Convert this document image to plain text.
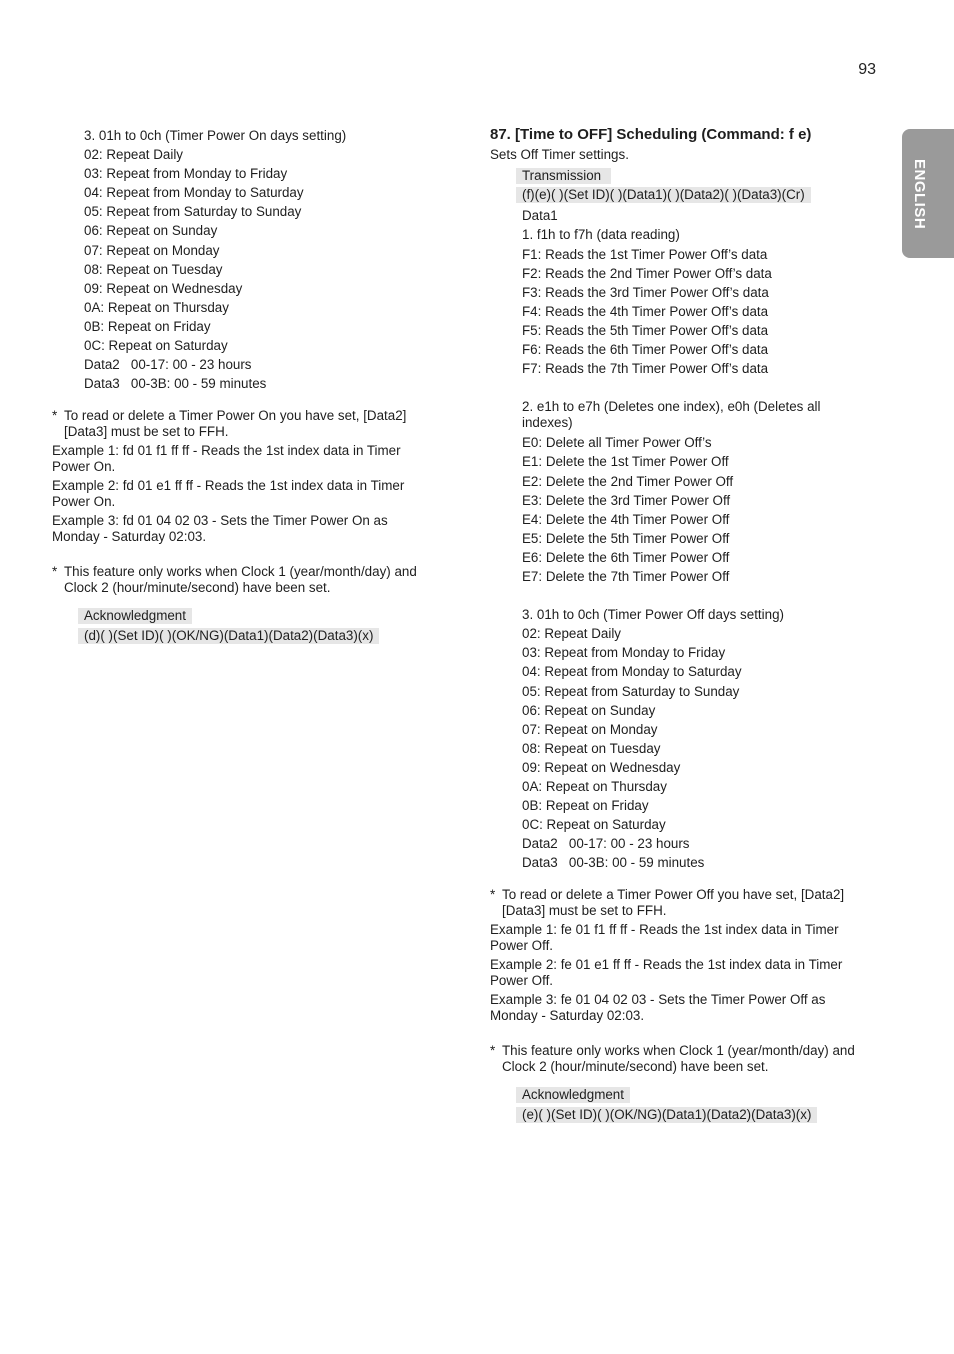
93
ENGLISH
3. 01h to 0ch (Timer Power On days setting)
02: Repeat Daily
03: Repeat from Monday to Friday
04: Repeat from Monday to Saturday
05: Repeat from Saturday to Sunday
06: Repeat on Sunday
07: Repeat on Monday
08: Repeat on Tuesday
09: Repeat on Wednesday
0A: Repeat on Thursday
0B: Repeat on Friday
0C: Repeat on Saturday
Data2   00-17: 00 - 23 hours
Data3   00-3B: 00 - 59 minutes
* To read or delete a Timer Power On you have set, [Data2] [Data3] must be set to FFH.
Example 1: fd 01 f1 ff ff - Reads the 1st index data in Timer Power On.
Example 2: fd 01 e1 ff ff - Reads the 1st index data in Timer Power On.
Example 3: fd 01 04 02 03 - Sets the Timer Power On as Monday - Saturday 02:03.
* This feature only works when Clock 1 (year/month/day) and Clock 2 (hour/minute/second) have been set.
Acknowledgment
(d)( )(Set ID)( )(OK/NG)(Data1)(Data2)(Data3)(x)
87. [Time to OFF] Scheduling (Command: f e)
Sets Off Timer settings.
Transmission
(f)(e)( )(Set ID)( )(Data1)( )(Data2)( )(Data3)(Cr)
Data1
1. f1h to f7h (data reading)
F1: Reads the 1st Timer Power Off’s data
F2: Reads the 2nd Timer Power Off’s data
F3: Reads the 3rd Timer Power Off’s data
F4: Reads the 4th Timer Power Off’s data
F5: Reads the 5th Timer Power Off’s data
F6: Reads the 6th Timer Power Off’s data
F7: Reads the 7th Timer Power Off’s data
2. e1h to e7h (Deletes one index), e0h (Deletes all indexes)
E0: Delete all Timer Power Off’s
E1: Delete the 1st Timer Power Off
E2: Delete the 2nd Timer Power Off
E3: Delete the 3rd Timer Power Off
E4: Delete the 4th Timer Power Off
E5: Delete the 5th Timer Power Off
E6: Delete the 6th Timer Power Off
E7: Delete the 7th Timer Power Off
3. 01h to 0ch (Timer Power Off days setting)
02: Repeat Daily
03: Repeat from Monday to Friday
04: Repeat from Monday to Saturday
05: Repeat from Saturday to Sunday
06: Repeat on Sunday
07: Repeat on Monday
08: Repeat on Tuesday
09: Repeat on Wednesday
0A: Repeat on Thursday
0B: Repeat on Friday
0C: Repeat on Saturday
Data2   00-17: 00 - 23 hours
Data3   00-3B: 00 - 59 minutes
* To read or delete a Timer Power Off you have set, [Data2] [Data3] must be set to FFH.
Example 1: fe 01 f1 ff ff - Reads the 1st index data in Timer Power Off.
Example 2: fe 01 e1 ff ff - Reads the 1st index data in Timer Power Off.
Example 3: fe 01 04 02 03 - Sets the Timer Power Off as Monday - Saturday 02:03.
* This feature only works when Clock 1 (year/month/day) and Clock 2 (hour/minute/second) have been set.
Acknowledgment
(e)( )(Set ID)( )(OK/NG)(Data1)(Data2)(Data3)(x)
